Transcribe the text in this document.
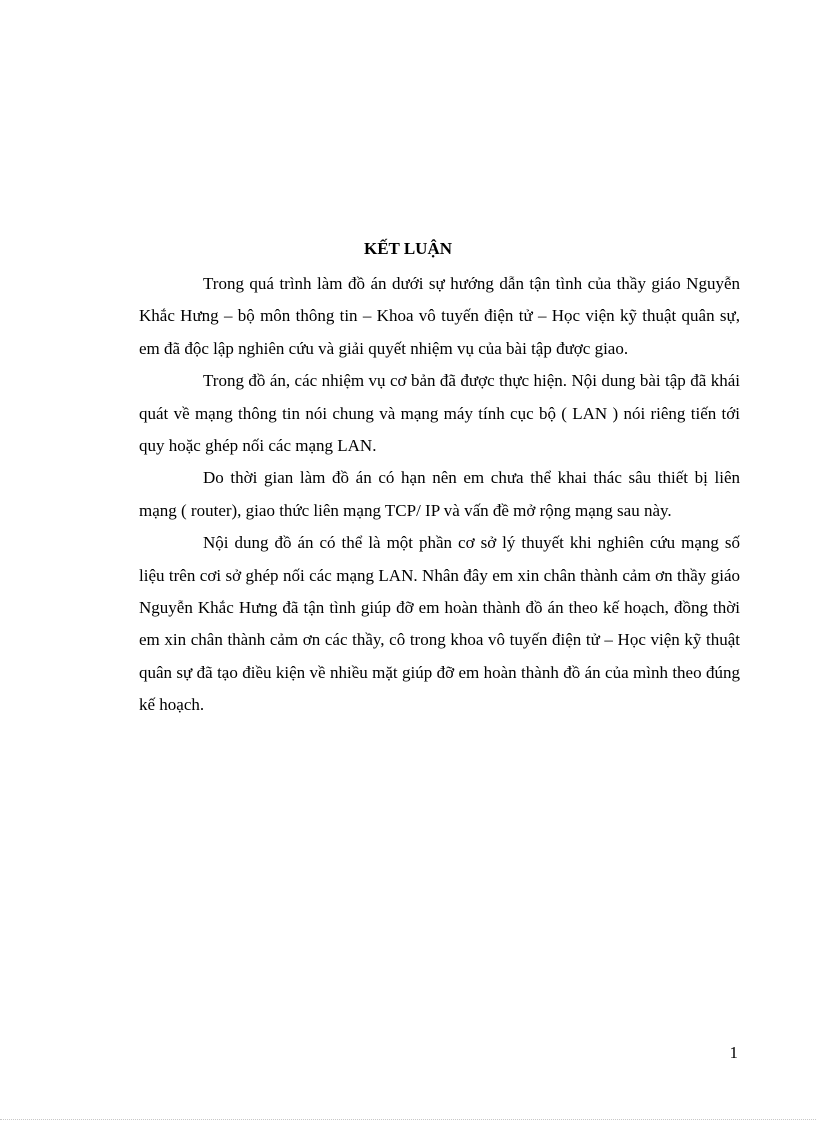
KẾT LUẬN

Trong quá trình làm đồ án dưới sự hướng dẫn tận tình của thầy giáo Nguyễn Khắc Hưng – bộ môn thông tin – Khoa vô tuyến điện tử – Học viện kỹ thuật quân sự, em đã độc lập nghiên cứu và giải quyết nhiệm vụ của bài tập được giao.

Trong đồ án, các nhiệm vụ cơ bản đã được thực hiện. Nội dung bài tập đã khái quát về mạng thông tin nói chung và mạng máy tính cục bộ ( LAN ) nói riêng tiến tới quy hoặc ghép nối các mạng LAN.

Do thời gian làm đồ án có hạn nên em chưa thể khai thác sâu thiết bị liên mạng ( router), giao thức liên mạng TCP/ IP và vấn đề mở rộng mạng sau này.

Nội dung đồ án có thể là một phần cơ sở lý thuyết khi nghiên cứu mạng số liệu trên cơi sở ghép nối các mạng LAN. Nhân đây em xin chân thành cảm ơn thầy giáo Nguyễn Khắc Hưng đã tận tình giúp đỡ em hoàn thành đồ án theo kế hoạch, đồng thời em xin chân thành cảm ơn các thầy, cô trong khoa vô tuyến điện tử – Học viện kỹ thuật quân sự đã tạo điều kiện về nhiều mặt giúp đỡ em hoàn thành đồ án của mình theo đúng kế hoạch.

1
